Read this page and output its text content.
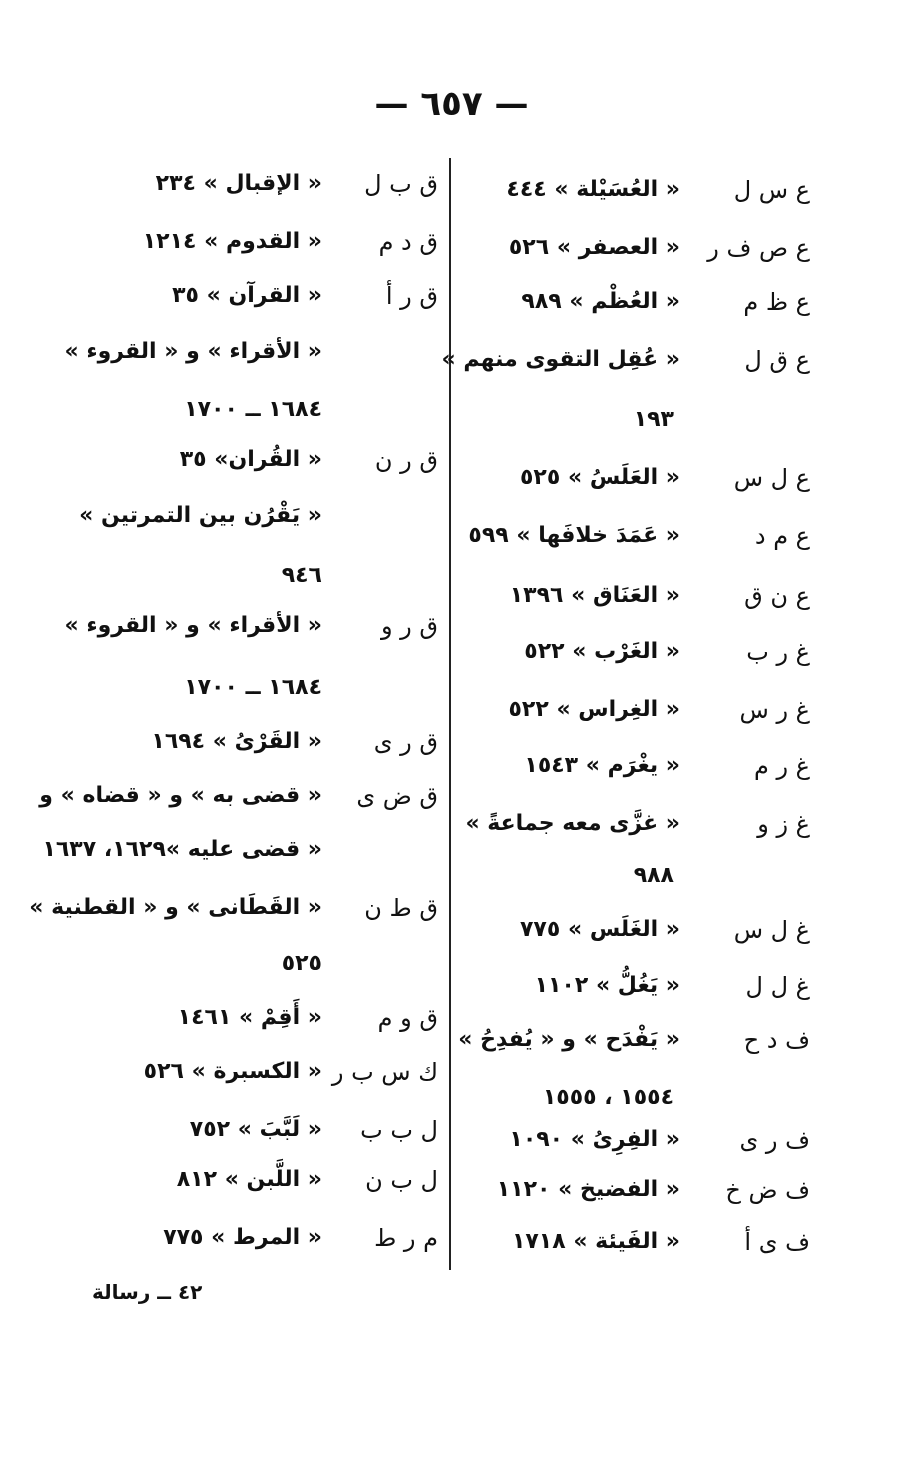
— ٦٥٧ —
ع س ل
« العُسَيْلة » ٤٤٤
ع ص ف ر
« العصفر » ٥٢٦
ع ظ م
« العُظْم » ٩٨٩
ع ق ل
« عُقِل التقوى منهم »
١٩٣
ع ل س
« العَلَسُ » ٥٢٥
ع م د
« عَمَدَ خلافَها » ٥٩٩
ع ن ق
« العَنَاق » ١٣٩٦
غ ر ب
« الغَرْب » ٥٢٢
غ ر س
« الغِراس » ٥٢٢
غ ر م
« يغْرَم » ١٥٤٣
غ ز و
« غزَّى معه جماعةً »
٩٨٨
غ ل س
« الغَلَس » ٧٧٥
غ ل ل
« يَغُلُّ » ١١٠٢
ف د ح
« يَفْدَح » و « يُفدِحُ »
١٥٥٤ ، ١٥٥٥
ف ر ى
« الفِرِىُ » ١٠٩٠
ف ض خ
« الفضيخ » ١١٢٠
ف ى أ
« الفَيئة » ١٧١٨
ق ب ل
« الإقبال » ٢٣٤
ق د م
« القدوم » ١٢١٤
ق ر أ
« القرآن » ٣٥
« الأقراء » و « القروء »
١٦٨٤ ــ ١٧٠٠
ق ر ن
« القُران» ٣٥
« يَقْرُن بين التمرتين »
٩٤٦
ق ر و
« الأقراء » و « القروء »
١٦٨٤ ــ ١٧٠٠
ق ر ى
« القَرْىُ » ١٦٩٤
ق ض ى
« قضى به » و « قضاه » و
« قضى عليه »١٦٢٩، ١٦٣٧
ق ط ن
« القَطَانى » و « القطنية »
٥٢٥
ق و م
« أَقِمْ » ١٤٦١
ك س ب ر
« الكسبرة » ٥٢٦
ل ب ب
« لَبَّبَ » ٧٥٢
ل ب ن
« اللَّبن » ٨١٢
م ر ط
« المرط » ٧٧٥
٤٢ ــ رسالة
